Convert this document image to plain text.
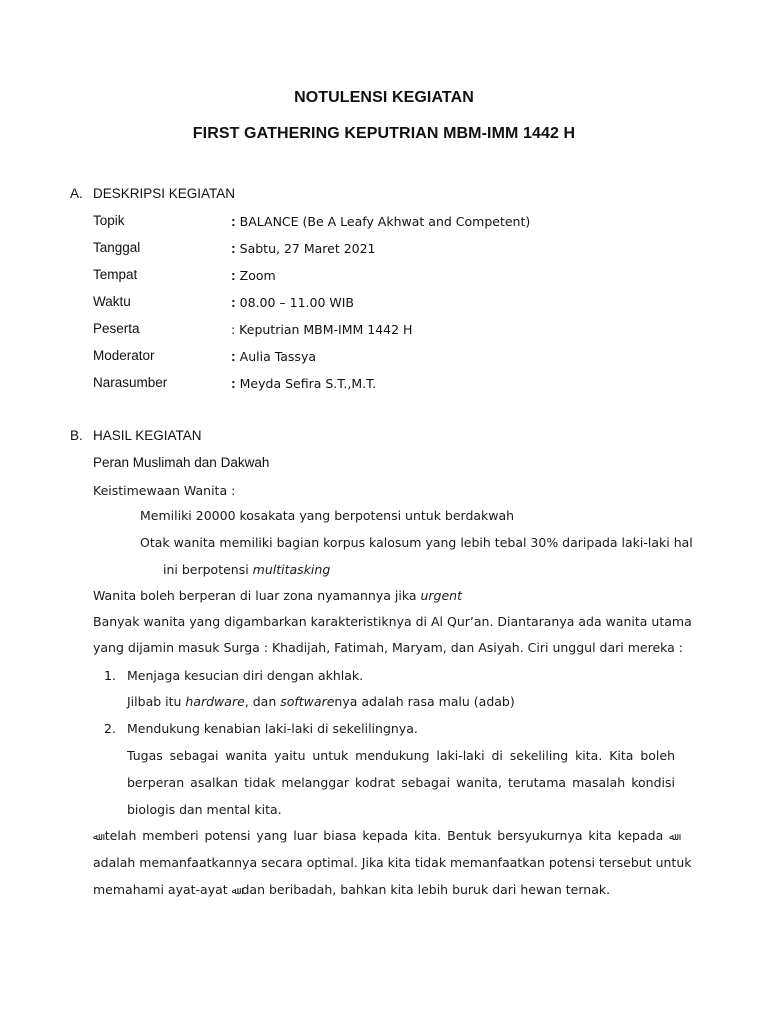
NOTULENSI KEGIATAN
FIRST GATHERING KEPUTRIAN MBM-IMM 1442 H
A. DESKRIPSI KEGIATAN
Topik	: BALANCE (Be A Leafy Akhwat and Competent)
Tanggal	: Sabtu, 27 Maret 2021
Tempat	: Zoom
Waktu	: 08.00 – 11.00 WIB
Peserta	: Keputrian MBM-IMM 1442 H
Moderator	: Aulia Tassya
Narasumber	: Meyda Sefira S.T.,M.T.
B. HASIL KEGIATAN
Peran Muslimah dan Dakwah
Keistimewaan Wanita :
Memiliki 20000 kosakata yang berpotensi untuk berdakwah
Otak wanita memiliki bagian korpus kalosum yang lebih tebal 30% daripada laki-laki hal
ini berpotensi multitasking
Wanita boleh berperan di luar zona nyamannya jika urgent
Banyak wanita yang digambarkan karakteristiknya di Al Qur’an. Diantaranya ada wanita utama
yang dijamin masuk Surga : Khadijah, Fatimah, Maryam, dan Asiyah. Ciri unggul dari mereka :
1. Menjaga kesucian diri dengan akhlak.
Jilbab itu hardware, dan softwarenya adalah rasa malu (adab)
2. Mendukung kenabian laki-laki di sekelilingnya.
Tugas sebagai wanita yaitu untuk mendukung laki-laki di sekeliling kita. Kita boleh
berperan asalkan tidak melanggar kodrat sebagai wanita, terutama masalah kondisi
biologis dan mental kita.
ﷲ telah memberi potensi yang luar biasa kepada kita. Bentuk bersyukurnya kita kepada ﷲ
adalah memanfaatkannya secara optimal. Jika kita tidak memanfaatkan potensi tersebut untuk
memahami ayat-ayat ﷲ dan beribadah, bahkan kita lebih buruk dari hewan ternak.
